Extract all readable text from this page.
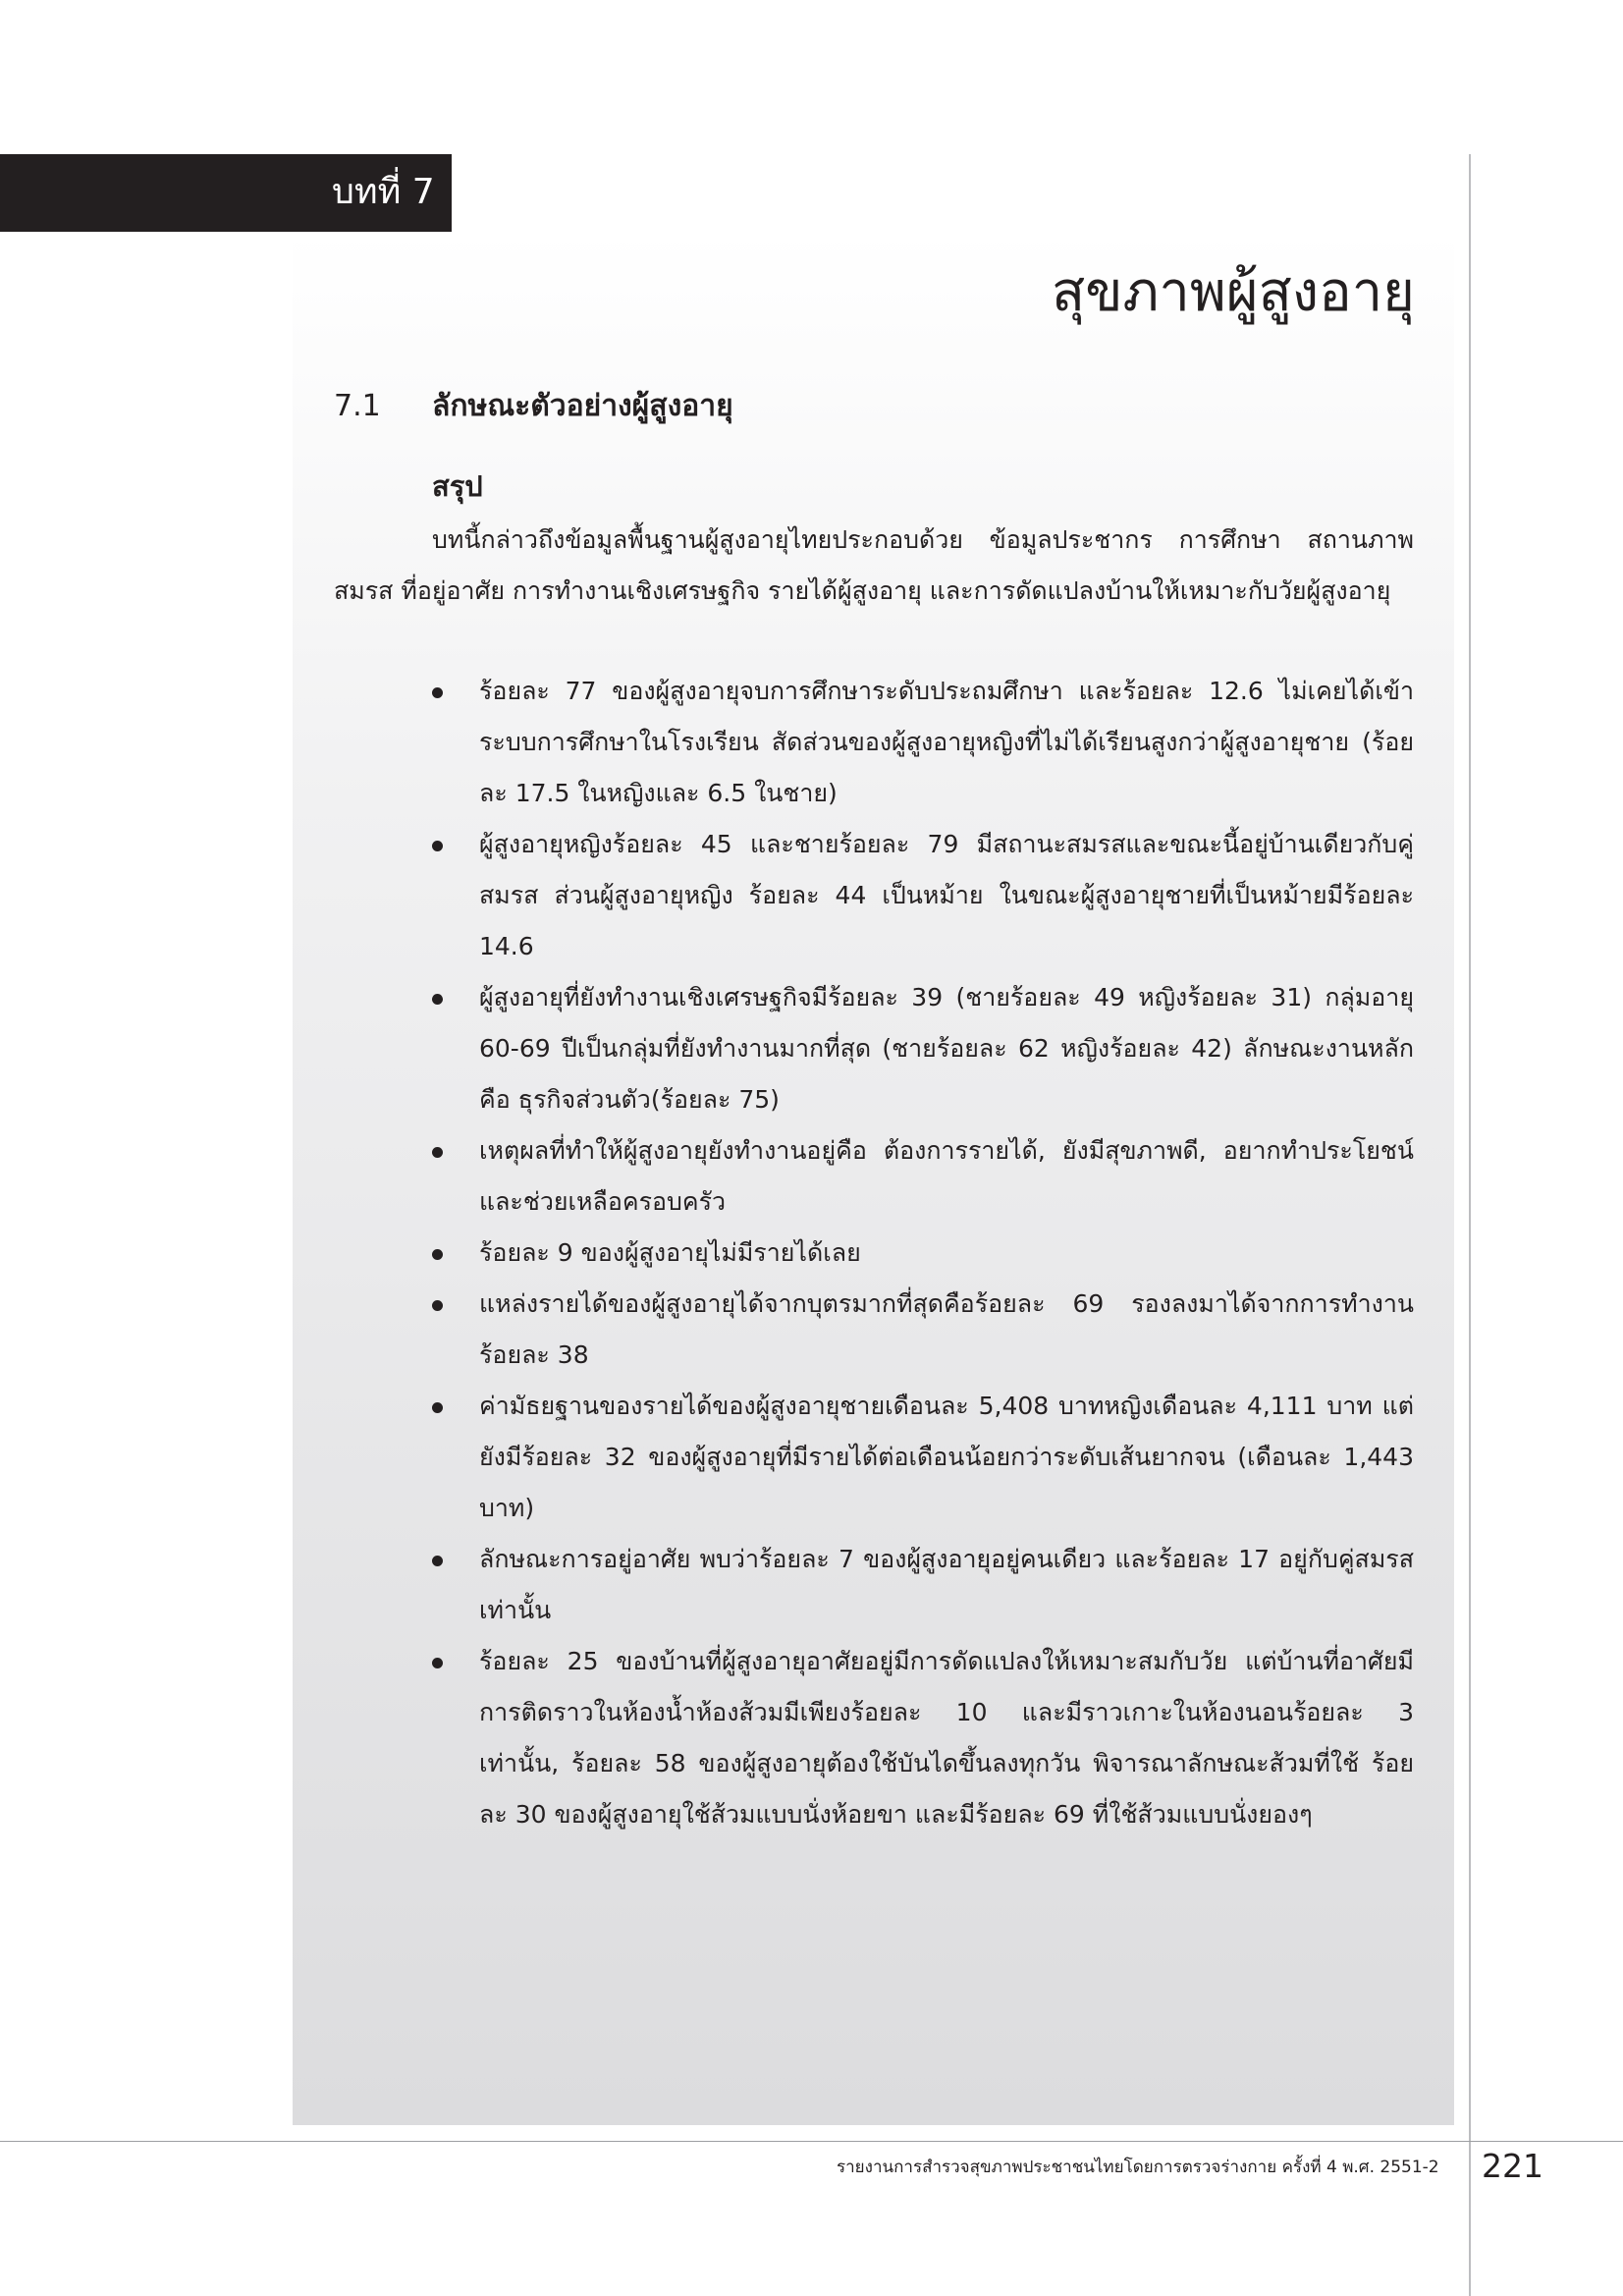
บทที่ 7
สุขภาพผู้สูงอายุ
7.1 ลักษณะตัวอย่างผู้สูงอายุ
สรุป

บทนี้กล่าวถึงข้อมูลพื้นฐานผู้สูงอายุไทยประกอบด้วย ข้อมูลประชากร การศึกษา สถานภาพสมรส ที่อยู่อาศัย การทำงานเชิงเศรษฐกิจ รายได้ผู้สูงอายุ และการดัดแปลงบ้านให้เหมาะกับวัยผู้สูงอายุ

ร้อยละ 77 ของผู้สูงอายุจบการศึกษาระดับประถมศึกษา และร้อยละ 12.6 ไม่เคยได้เข้าระบบการศึกษาในโรงเรียน สัดส่วนของผู้สูงอายุหญิงที่ไม่ได้เรียนสูงกว่าผู้สูงอายุชาย (ร้อยละ 17.5 ในหญิงและ 6.5 ในชาย)
ผู้สูงอายุหญิงร้อยละ 45 และชายร้อยละ 79 มีสถานะสมรสและขณะนี้อยู่บ้านเดียวกับคู่สมรส ส่วนผู้สูงอายุหญิง ร้อยละ 44 เป็นหม้าย ในขณะผู้สูงอายุชายที่เป็นหม้ายมีร้อยละ 14.6
ผู้สูงอายุที่ยังทำงานเชิงเศรษฐกิจมีร้อยละ 39 (ชายร้อยละ 49 หญิงร้อยละ 31) กลุ่มอายุ 60-69 ปีเป็นกลุ่มที่ยังทำงานมากที่สุด (ชายร้อยละ 62 หญิงร้อยละ 42) ลักษณะงานหลักคือ ธุรกิจส่วนตัว(ร้อยละ 75)
เหตุผลที่ทำให้ผู้สูงอายุยังทำงานอยู่คือ ต้องการรายได้, ยังมีสุขภาพดี, อยากทำประโยชน์ และช่วยเหลือครอบครัว
ร้อยละ 9 ของผู้สูงอายุไม่มีรายได้เลย
แหล่งรายได้ของผู้สูงอายุได้จากบุตรมากที่สุดคือร้อยละ 69 รองลงมาได้จากการทำงานร้อยละ 38
ค่ามัธยฐานของรายได้ของผู้สูงอายุชายเดือนละ 5,408 บาทหญิงเดือนละ 4,111 บาท แต่ยังมีร้อยละ 32 ของผู้สูงอายุที่มีรายได้ต่อเดือนน้อยกว่าระดับเส้นยากจน (เดือนละ 1,443 บาท)
ลักษณะการอยู่อาศัย พบว่าร้อยละ 7 ของผู้สูงอายุอยู่คนเดียว และร้อยละ 17 อยู่กับคู่สมรสเท่านั้น
ร้อยละ 25 ของบ้านที่ผู้สูงอายุอาศัยอยู่มีการดัดแปลงให้เหมาะสมกับวัย แต่บ้านที่อาศัยมีการติดราวในห้องน้ำห้องส้วมมีเพียงร้อยละ 10 และมีราวเกาะในห้องนอนร้อยละ 3 เท่านั้น, ร้อยละ 58 ของผู้สูงอายุต้องใช้บันไดขึ้นลงทุกวัน พิจารณาลักษณะส้วมที่ใช้ ร้อยละ 30 ของผู้สูงอายุใช้ส้วมแบบนั่งห้อยขา และมีร้อยละ 69 ที่ใช้ส้วมแบบนั่งยองๆ
รายงานการสำรวจสุขภาพประชาชนไทยโดยการตรวจร่างกาย ครั้งที่ 4 พ.ศ. 2551-2 221
